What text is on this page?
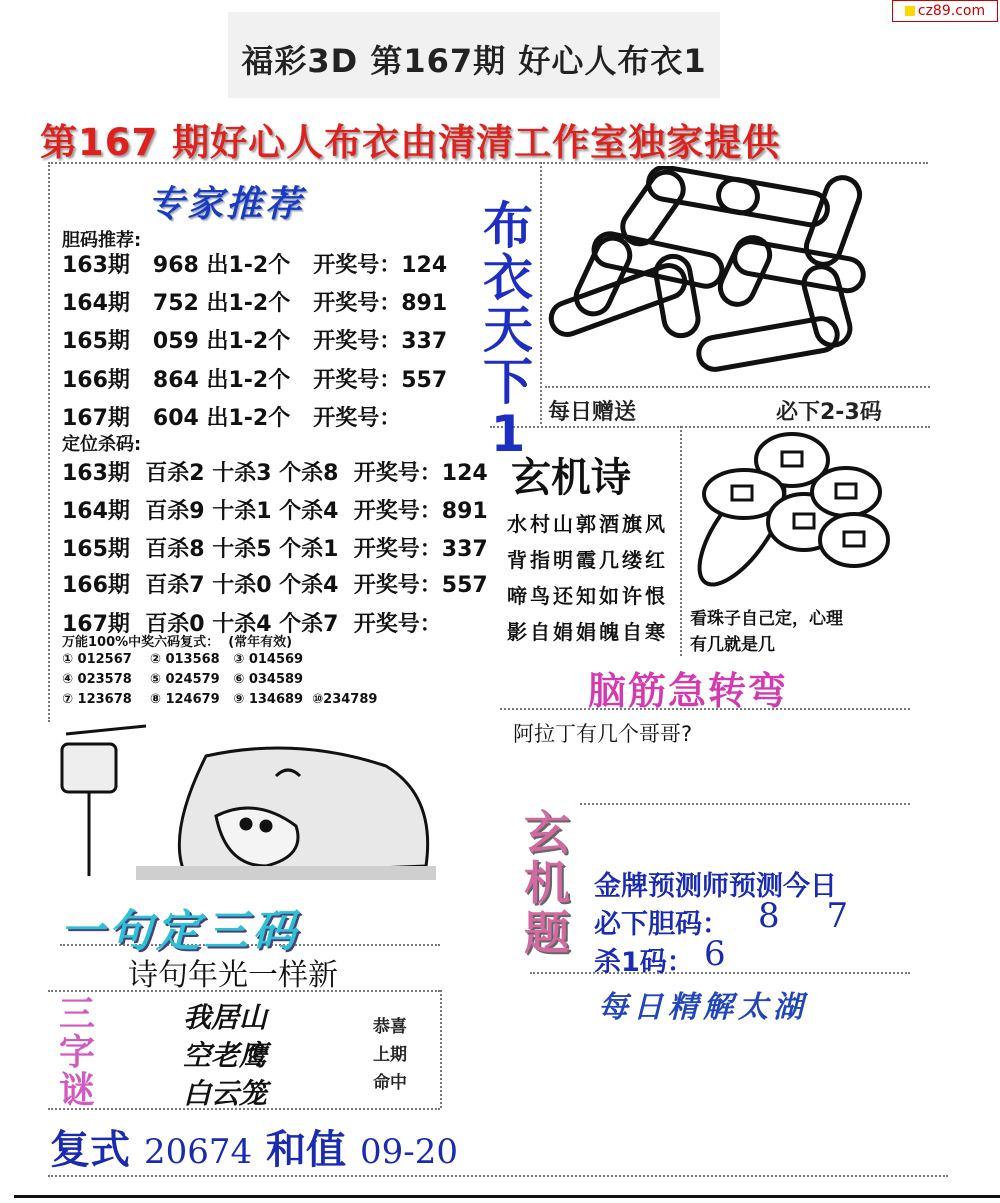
福彩3D 第167期 好心人布衣1
cz89.com
第167 期好心人布衣由清清工作室独家提供
专家推荐
胆码推荐:
163期   968 出1-2个   开奖号：124
164期   752 出1-2个   开奖号：891
165期   059 出1-2个   开奖号：337
166期   864 出1-2个   开奖号：557
167期   604 出1-2个   开奖号：
定位杀码:
163期  百杀2 十杀3 个杀8  开奖号：124
164期  百杀9 十杀1 个杀4  开奖号：891
165期  百杀8 十杀5 个杀1  开奖号：337
166期  百杀7 十杀0 个杀4  开奖号：557
167期  百杀0 十杀4 个杀7  开奖号：
万能100%中奖六码复式：  (常年有效)
① 012567    ② 013568   ③ 014569
④ 023578    ⑤ 024579   ⑥ 034589
⑦ 123678    ⑧ 124679   ⑨ 134689  ⑩234789
布衣天下1	每日赠送	必下2-3码
玄机诗
水村山郭酒旗风
背指明霞几缕红
啼鸟还知如许恨
影自娟娟魄自寒
看珠子自己定，心理
有几就是几
脑筋急转弯
阿拉丁有几个哥哥?
玄机题
金牌预测师预测今日
必下胆码： 8 7
杀1码： 6
每日精解太湖
一句定三码
诗句年光一样新
三字谜
我居山
空老鹰
白云笼
恭喜
上期
命中
复式 20674 和值 09-20
